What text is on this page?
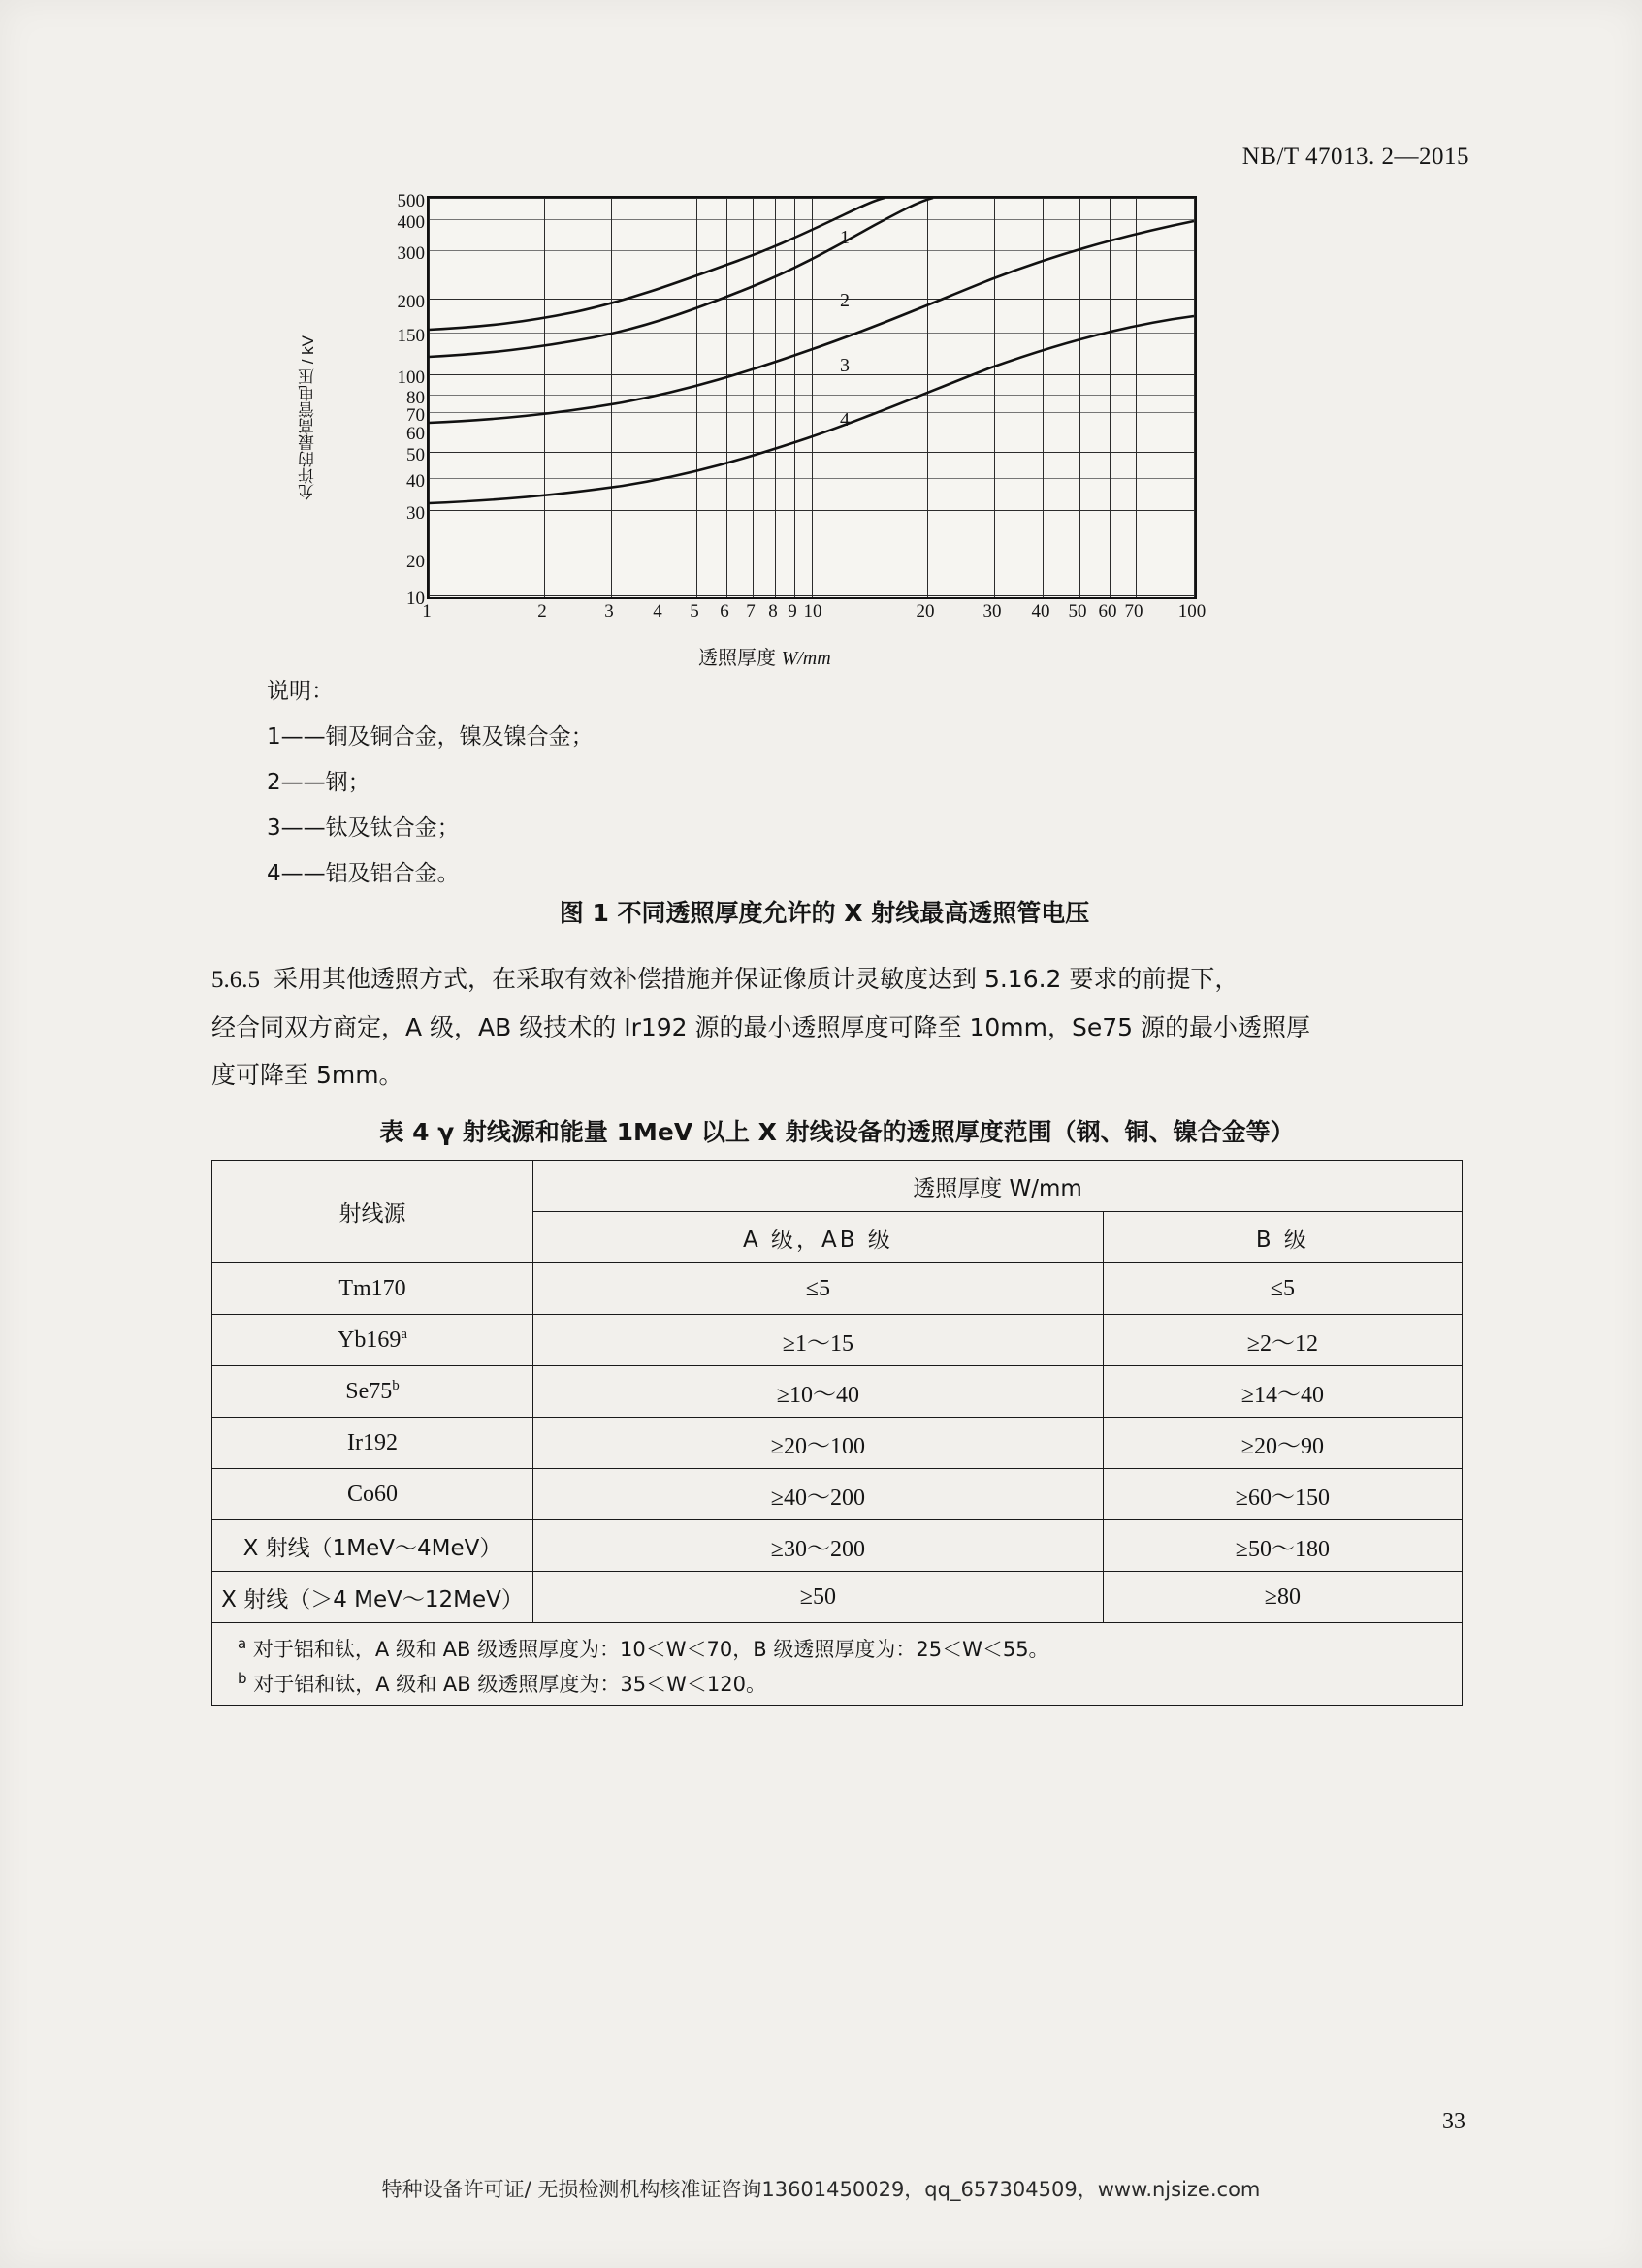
NB/T 47013. 2—2015
允许的最高管电压 / kV
500
400
300
200
150
100
80
70
60
50
40
30
20
10
1
2
3
4
1	2	3 4 5 6 7 8 9 10	20	30 40 50 60 70 100
透照厚度 W/mm
说明：
1——铜及铜合金，镍及镍合金；
2——钢；
3——钛及钛合金；
4——铝及铝合金。
图 1 不同透照厚度允许的 X 射线最高透照管电压
5.6.5 采用其他透照方式，在采取有效补偿措施并保证像质计灵敏度达到 5.16.2 要求的前提下，
经合同双方商定，A 级，AB 级技术的 Ir192 源的最小透照厚度可降至 10mm，Se75 源的最小透照厚
度可降至 5mm。
表 4 γ 射线源和能量 1MeV 以上 X 射线设备的透照厚度范围（钢、铜、镍合金等）
射线源	透照厚度 W/mm	
	A 级，AB 级	B 级
Tm170	≤5	≤5
$Yb169^a$	≥1～15	≥2～12
$Se75^b$	≥10～40	≥14～40
Ir192	≥20～100	≥20～90
Co60	≥40～200	≥60～150
X 射线（1MeV～4MeV）	≥30～200	≥50～180
X 射线（＞4 MeV～12MeV）	≥50	≥80

$^a$ 对于铝和钛，A 级和 AB 级透照厚度为：10＜W＜70，B 级透照厚度为：25＜W＜55。
$^b$ 对于铝和钛，A 级和 AB 级透照厚度为：35＜W＜120。		
33
特种设备许可证/ 无损检测机构核准证咨询13601450029，qq_657304509，www.njsize.com
